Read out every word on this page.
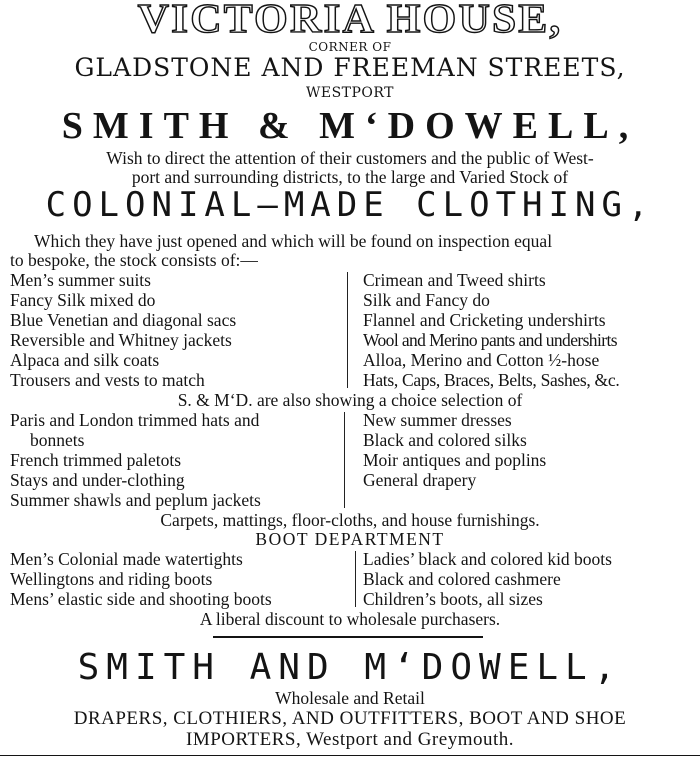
VICTORIA HOUSE,
CORNER OF
GLADSTONE AND FREEMAN STREETS,
WESTPORT
SMITH & M‘DOWELL,
Wish to direct the attention of their customers and the public of West-
port and surrounding districts, to the large and Varied Stock of
COLONIAL—MADE CLOTHING,
Which they have just opened and which will be found on inspection equal
to bespoke, the stock consists of:—
Men’s summer suits
Fancy Silk mixed do
Blue Venetian and diagonal sacs
Reversible and Whitney jackets
Alpaca and silk coats
Trousers and vests to match
Crimean and Tweed shirts
Silk and Fancy do
Flannel and Cricketing undershirts
Wool and Merino pants and undershirts
Alloa, Merino and Cotton ½-hose
Hats, Caps, Braces, Belts, Sashes, &c.
S. & M‘D. are also showing a choice selection of
Paris and London trimmed hats and
bonnets
French trimmed paletots
Stays and under-clothing
Summer shawls and peplum jackets
New summer dresses
Black and colored silks
Moir antiques and poplins
General drapery
Carpets, mattings, floor-cloths, and house furnishings.
BOOT DEPARTMENT
Men’s Colonial made watertights
Wellingtons and riding boots
Mens’ elastic side and shooting boots
Ladies’ black and colored kid boots
Black and colored cashmere
Children’s boots, all sizes
A liberal discount to wholesale purchasers.
SMITH AND M‘DOWELL,
Wholesale and Retail
DRAPERS, CLOTHIERS, AND OUTFITTERS, BOOT AND SHOE
IMPORTERS, Westport and Greymouth.
